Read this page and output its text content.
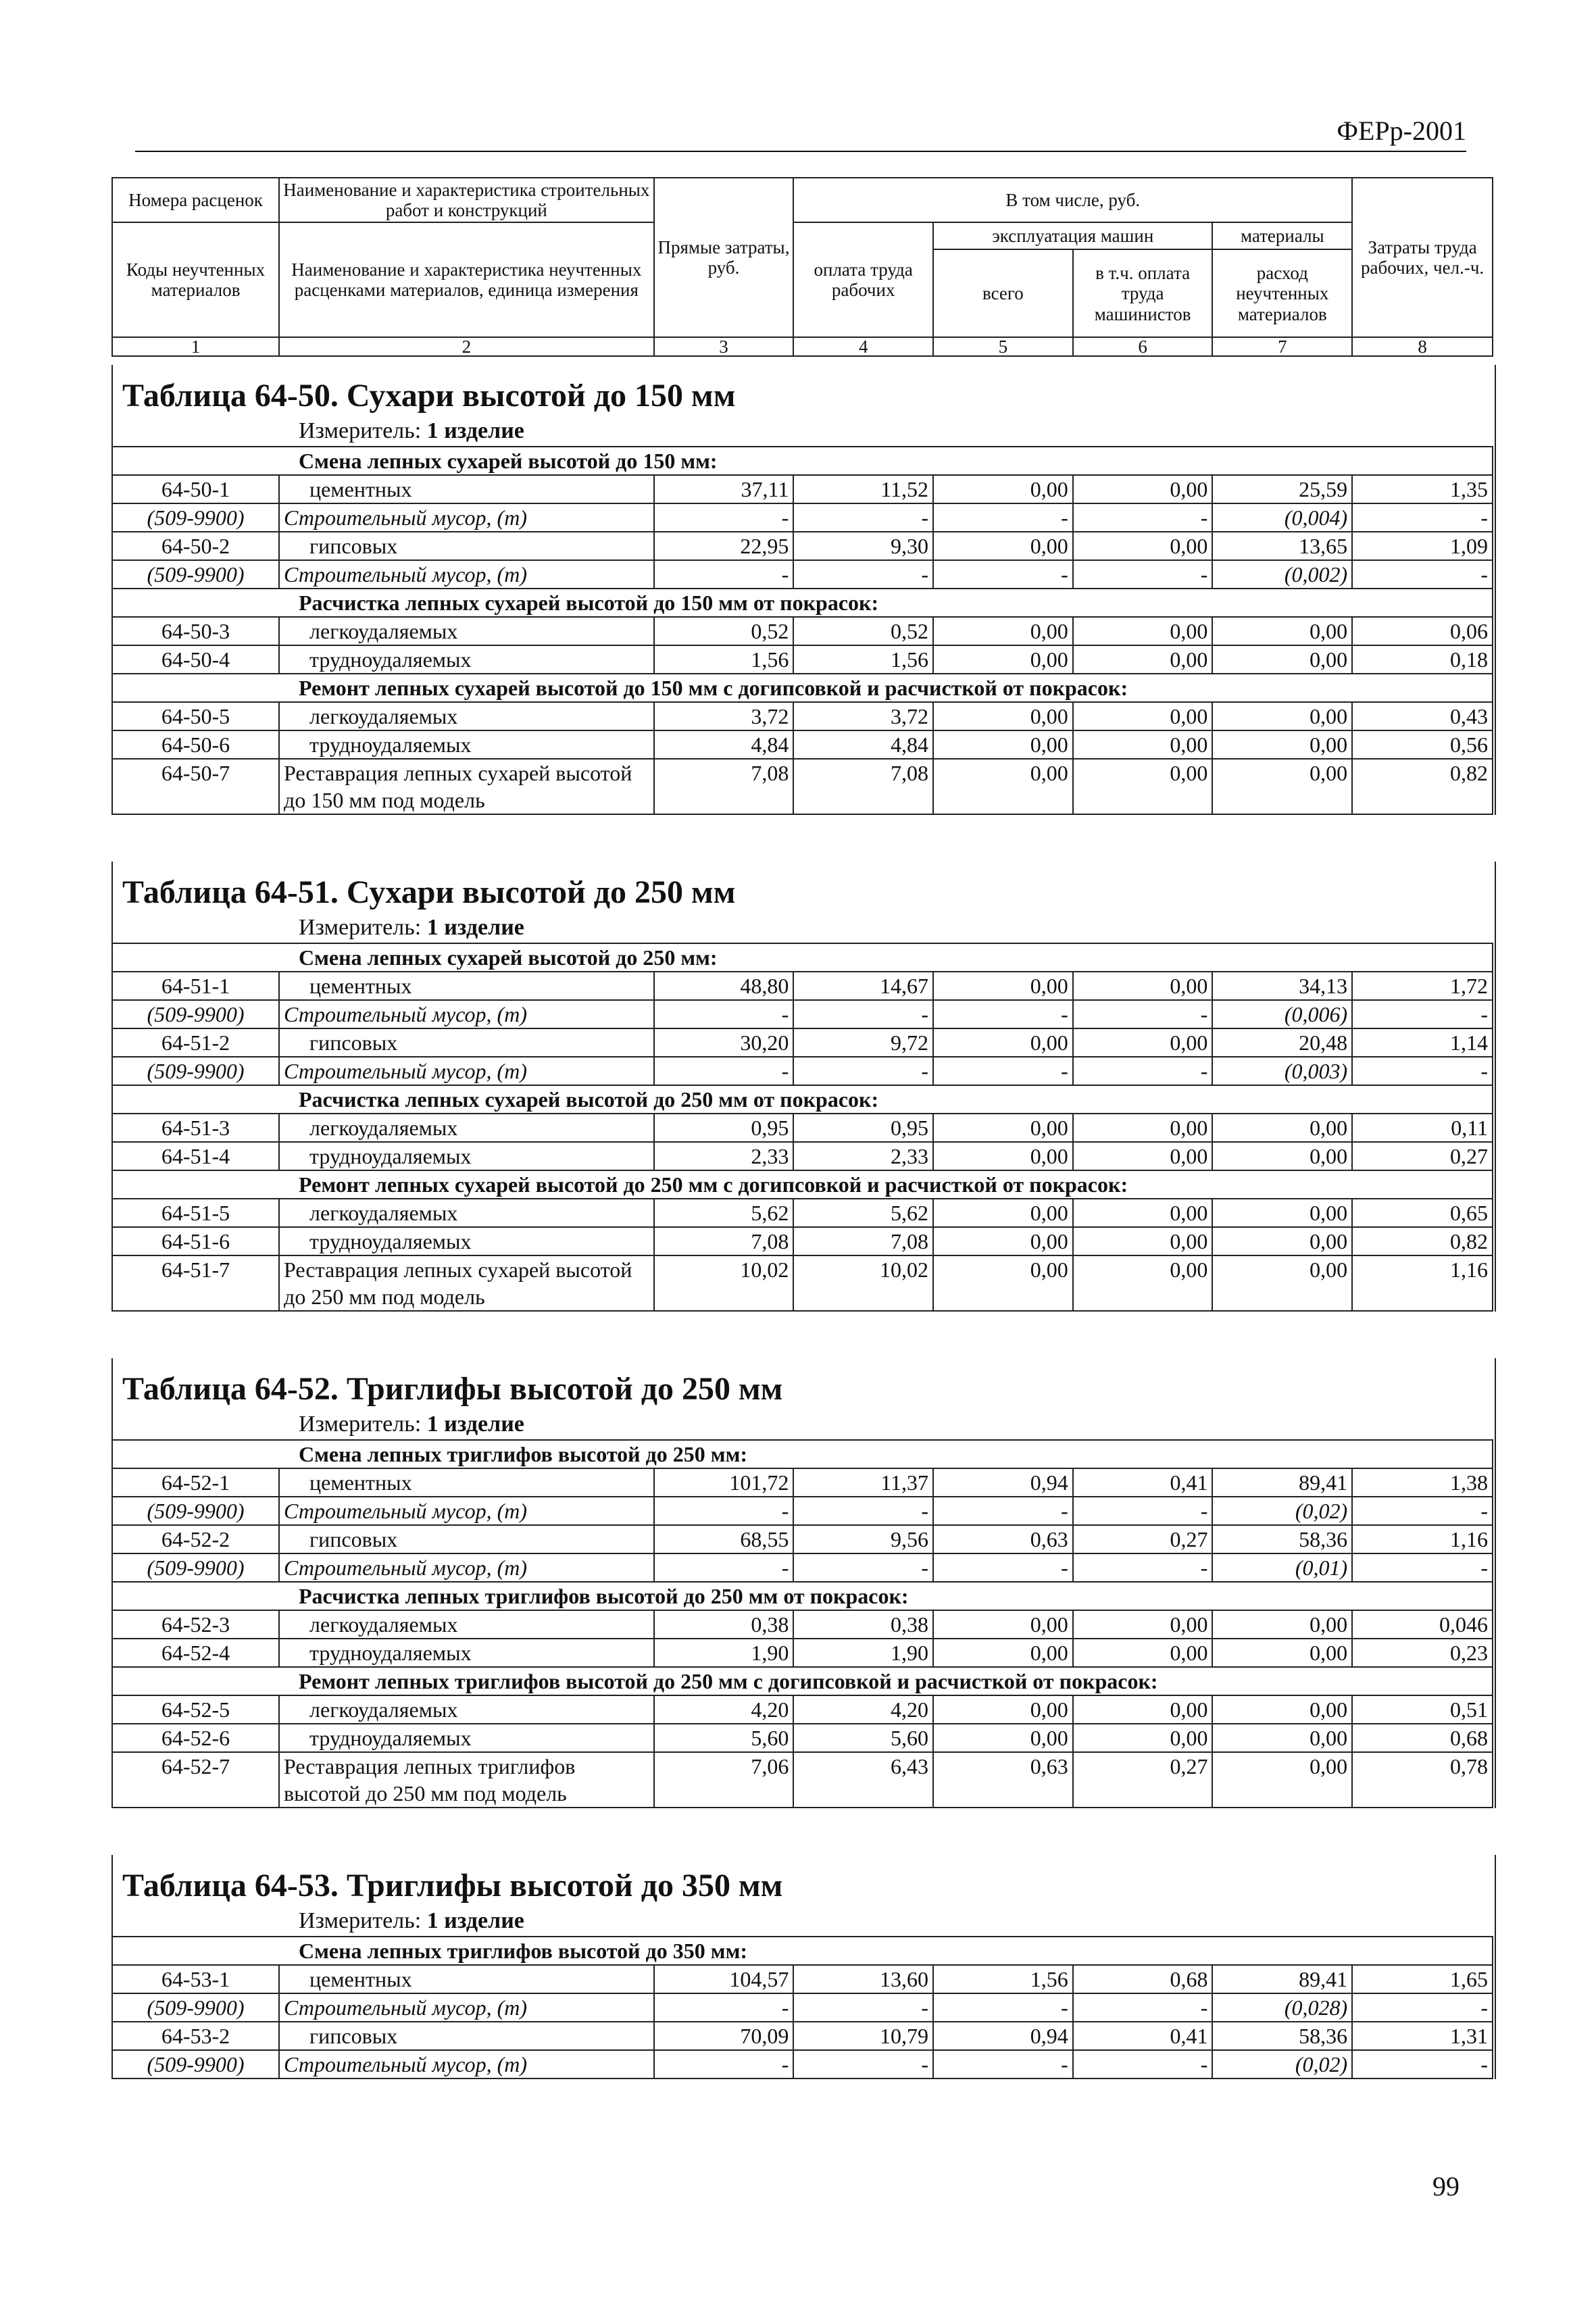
ФЕРр-2001
Номера расценок	Наименование и характеристика строительных работ и конструкций	Прямые затраты, руб.	В том числе, руб.				Затраты труда рабочих, чел.-ч.
Коды неучтенных материалов	Наименование и характеристика неучтенных расценками материалов, единица измерения		оплата труда рабочих	эксплуатация машин		материалы	
				всего	в т.ч. оплата труда машинистов	расход неучтенных материалов	

1	2	3	4	5	6	7	8
Таблица 64-50. Сухари высотой до 150 мм
Измеритель: 1 изделие
Смена лепных сухарей высотой до 150 мм:							
64-50-1	цементных	37,11	11,52	0,00	0,00	25,59	1,35
(509-9900)	Строительный мусор, (т)	-	-	-	-	(0,004)	-
64-50-2	гипсовых	22,95	9,30	0,00	0,00	13,65	1,09
(509-9900)	Строительный мусор, (т)	-	-	-	-	(0,002)	-
Расчистка лепных сухарей высотой до 150 мм от покрасок:							
64-50-3	легкоудаляемых	0,52	0,52	0,00	0,00	0,00	0,06
64-50-4	трудноудаляемых	1,56	1,56	0,00	0,00	0,00	0,18
Ремонт лепных сухарей высотой до 150 мм с догипсовкой и расчисткой от покрасок:							
64-50-5	легкоудаляемых	3,72	3,72	0,00	0,00	0,00	0,43
64-50-6	трудноудаляемых	4,84	4,84	0,00	0,00	0,00	0,56
64-50-7	Реставрация лепных сухарей высотой до 150 мм под модель	7,08	7,08	0,00	0,00	0,00	0,82
Таблица 64-51. Сухари высотой до 250 мм
Измеритель: 1 изделие
Смена лепных сухарей высотой до 250 мм:							
64-51-1	цементных	48,80	14,67	0,00	0,00	34,13	1,72
(509-9900)	Строительный мусор, (т)	-	-	-	-	(0,006)	-
64-51-2	гипсовых	30,20	9,72	0,00	0,00	20,48	1,14
(509-9900)	Строительный мусор, (т)	-	-	-	-	(0,003)	-
Расчистка лепных сухарей высотой до 250 мм от покрасок:							
64-51-3	легкоудаляемых	0,95	0,95	0,00	0,00	0,00	0,11
64-51-4	трудноудаляемых	2,33	2,33	0,00	0,00	0,00	0,27
Ремонт лепных сухарей высотой до 250 мм с догипсовкой и расчисткой от покрасок:							
64-51-5	легкоудаляемых	5,62	5,62	0,00	0,00	0,00	0,65
64-51-6	трудноудаляемых	7,08	7,08	0,00	0,00	0,00	0,82
64-51-7	Реставрация лепных сухарей высотой до 250 мм под модель	10,02	10,02	0,00	0,00	0,00	1,16
Таблица 64-52. Триглифы высотой до 250 мм
Измеритель: 1 изделие
Смена лепных триглифов высотой до 250 мм:							
64-52-1	цементных	101,72	11,37	0,94	0,41	89,41	1,38
(509-9900)	Строительный мусор, (т)	-	-	-	-	(0,02)	-
64-52-2	гипсовых	68,55	9,56	0,63	0,27	58,36	1,16
(509-9900)	Строительный мусор, (т)	-	-	-	-	(0,01)	-
Расчистка лепных триглифов высотой до 250 мм от покрасок:							
64-52-3	легкоудаляемых	0,38	0,38	0,00	0,00	0,00	0,046
64-52-4	трудноудаляемых	1,90	1,90	0,00	0,00	0,00	0,23
Ремонт лепных триглифов высотой до 250 мм с догипсовкой и расчисткой от покрасок:							
64-52-5	легкоудаляемых	4,20	4,20	0,00	0,00	0,00	0,51
64-52-6	трудноудаляемых	5,60	5,60	0,00	0,00	0,00	0,68
64-52-7	Реставрация лепных триглифов высотой до 250 мм под модель	7,06	6,43	0,63	0,27	0,00	0,78
Таблица 64-53. Триглифы высотой до 350 мм
Измеритель: 1 изделие
Смена лепных триглифов высотой до 350 мм:							
64-53-1	цементных	104,57	13,60	1,56	0,68	89,41	1,65
(509-9900)	Строительный мусор, (т)	-	-	-	-	(0,028)	-
64-53-2	гипсовых	70,09	10,79	0,94	0,41	58,36	1,31
(509-9900)	Строительный мусор, (т)	-	-	-	-	(0,02)	-
99
